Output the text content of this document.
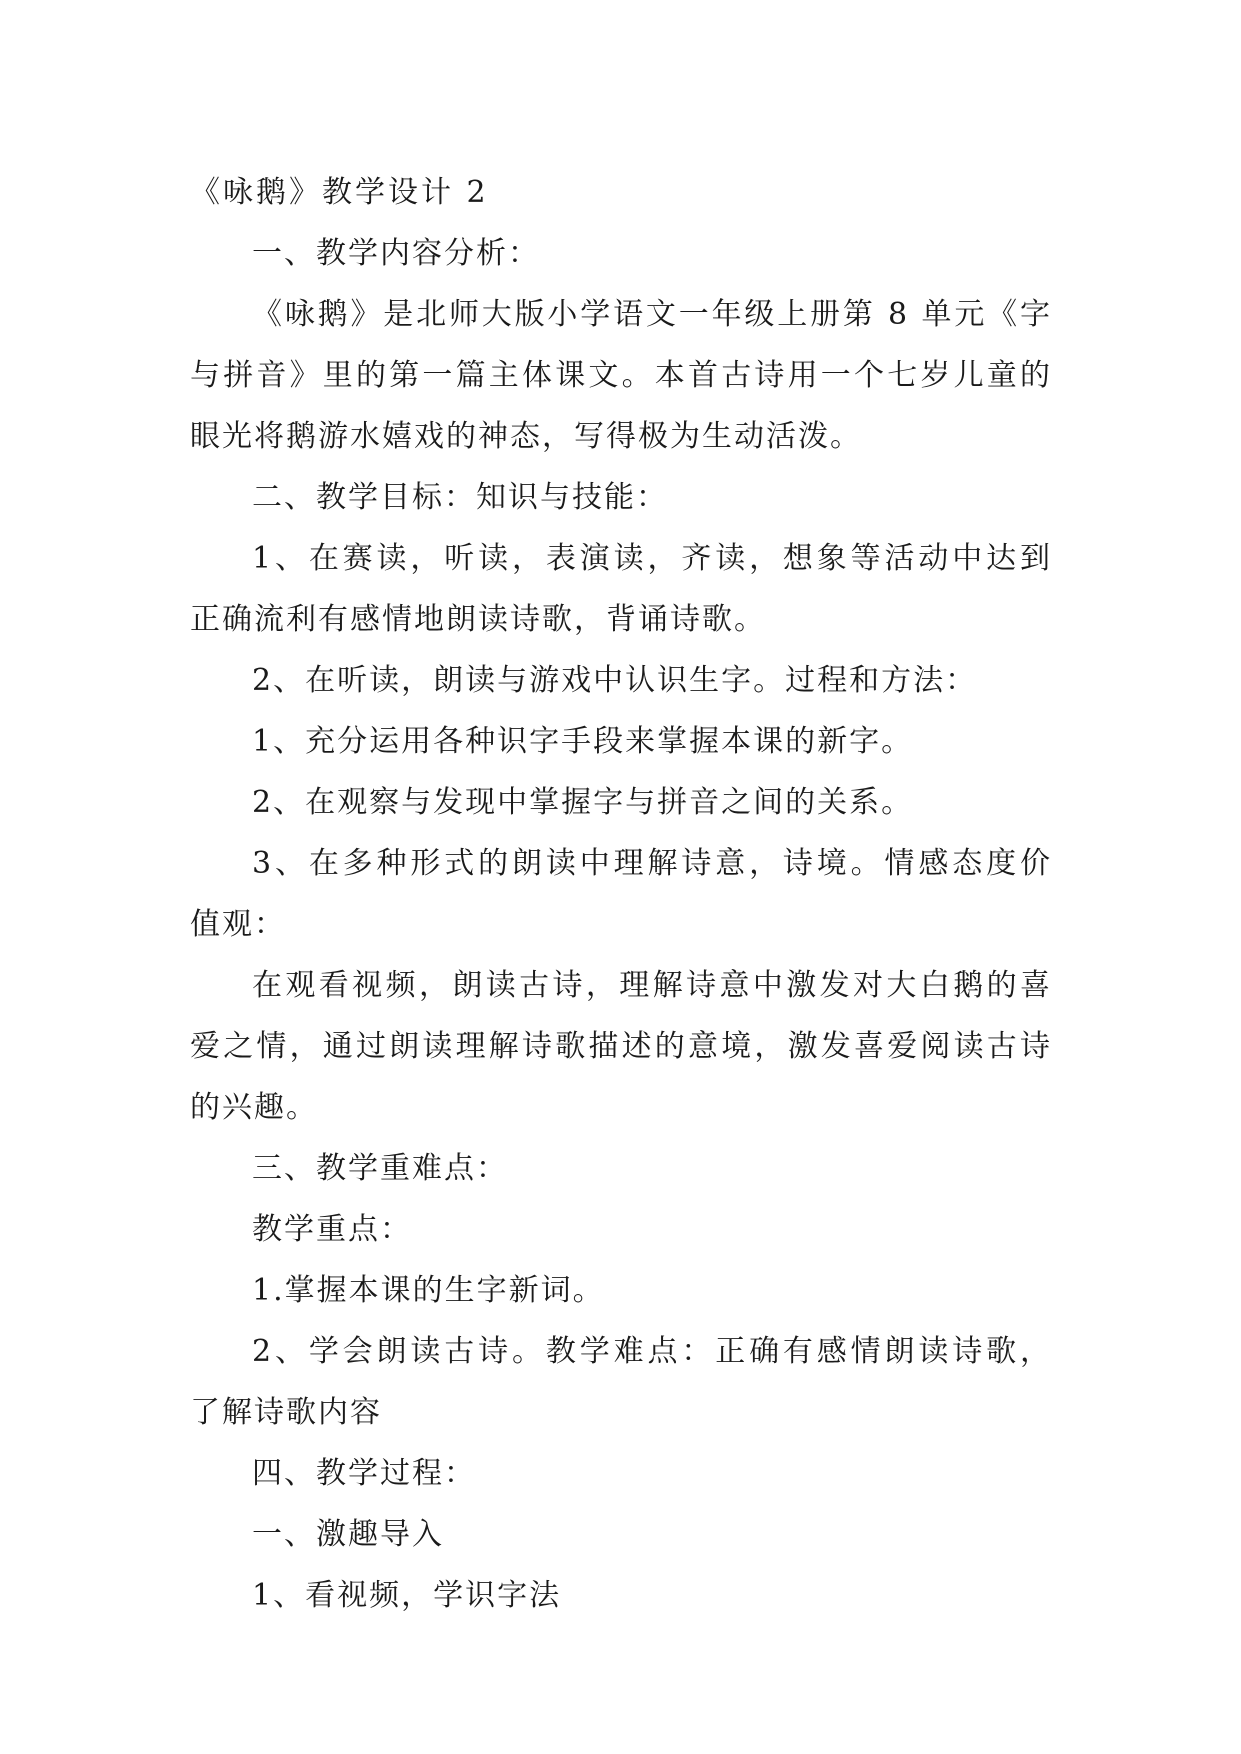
《咏鹅》教学设计 2
一、教学内容分析：
《咏鹅》是北师大版小学语文一年级上册第 8 单元《字
与拼音》里的第一篇主体课文。本首古诗用一个七岁儿童的
眼光将鹅游水嬉戏的神态，写得极为生动活泼。
二、教学目标：知识与技能：
1、在赛读，听读，表演读，齐读，想象等活动中达到
正确流利有感情地朗读诗歌，背诵诗歌。
2、在听读，朗读与游戏中认识生字。过程和方法：
1、充分运用各种识字手段来掌握本课的新字。
2、在观察与发现中掌握字与拼音之间的关系。
3、在多种形式的朗读中理解诗意，诗境。情感态度价
值观：
在观看视频，朗读古诗，理解诗意中激发对大白鹅的喜
爱之情，通过朗读理解诗歌描述的意境，激发喜爱阅读古诗
的兴趣。
三、教学重难点：
教学重点：
1.掌握本课的生字新词。
2、学会朗读古诗。教学难点：正确有感情朗读诗歌，
了解诗歌内容
四、教学过程：
一、激趣导入
1、看视频，学识字法
